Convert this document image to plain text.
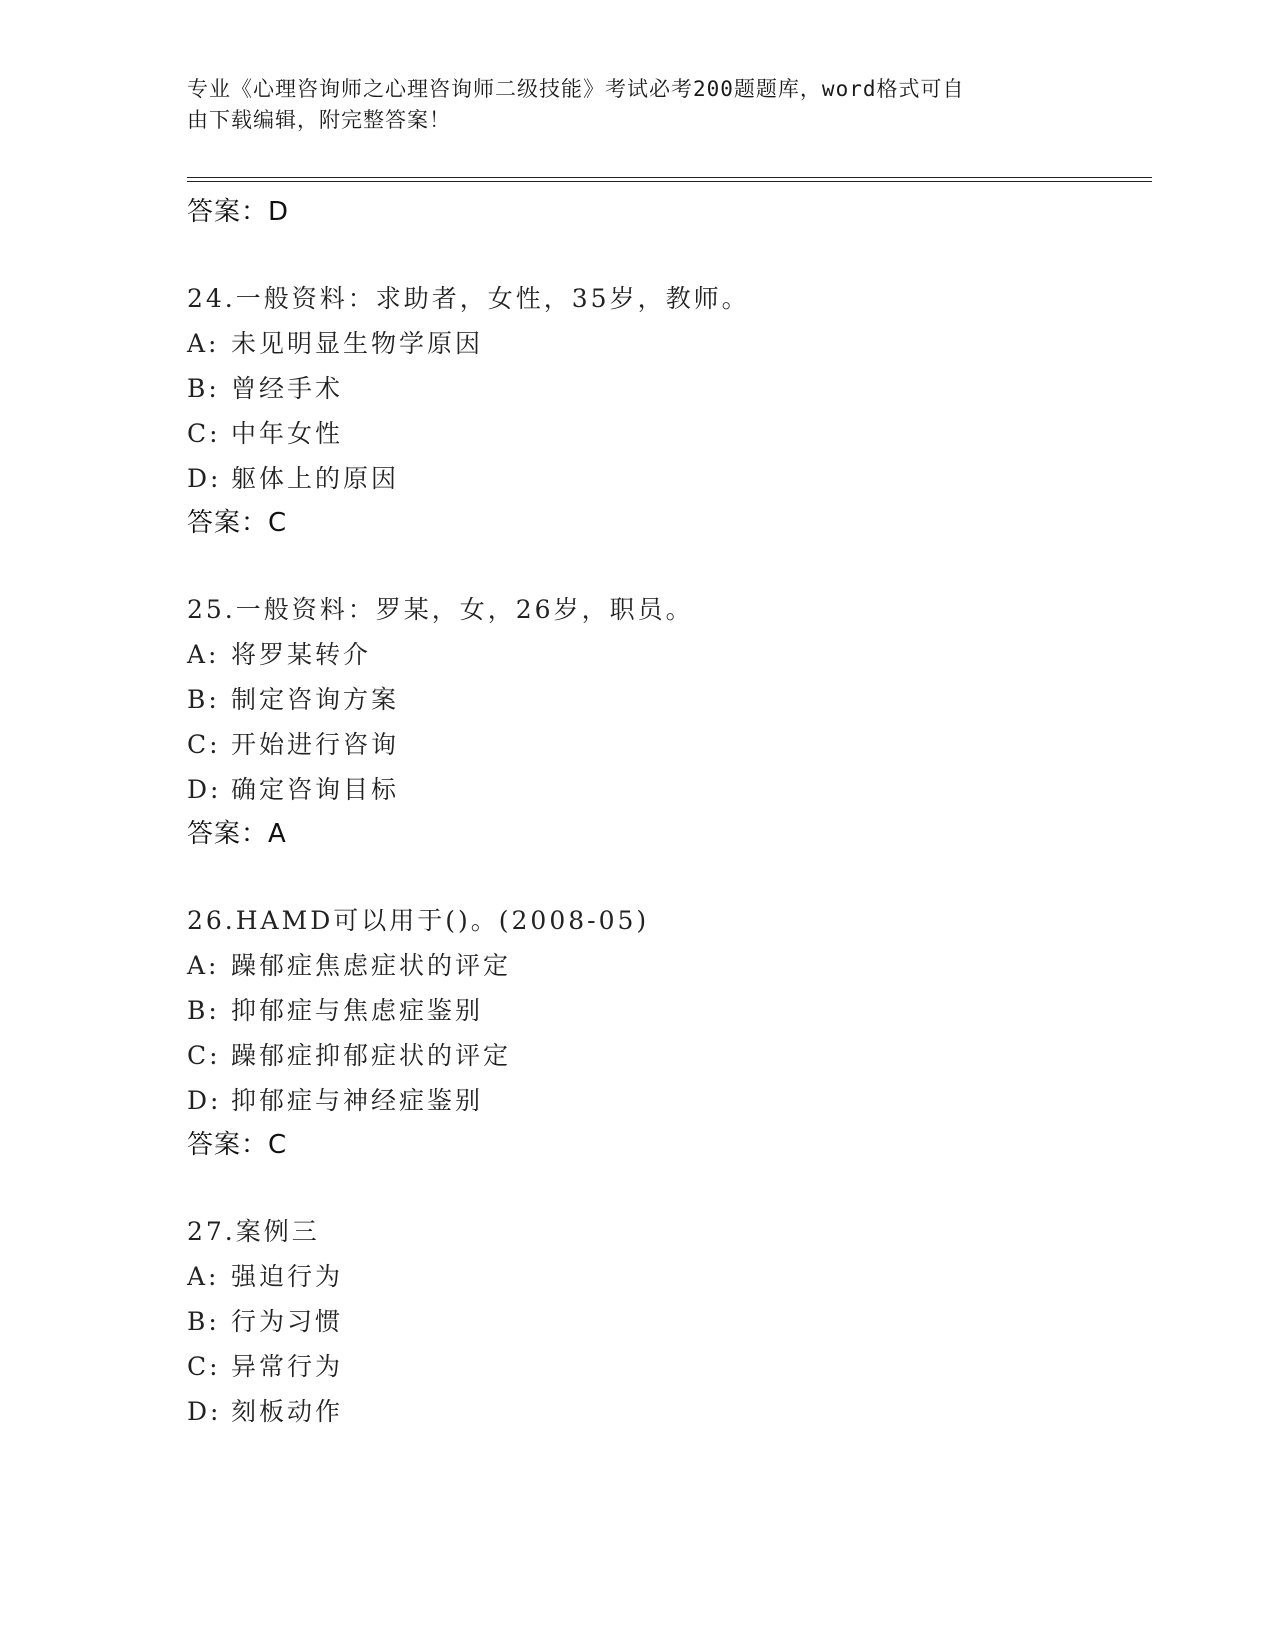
专业《心理咨询师之心理咨询师二级技能》考试必考200题题库，word格式可自
由下载编辑，附完整答案！
答案：D
24.一般资料：求助者，女性，35岁，教师。
A: 未见明显生物学原因
B: 曾经手术
C: 中年女性
D: 躯体上的原因
答案：C
25.一般资料：罗某，女，26岁，职员。
A: 将罗某转介
B: 制定咨询方案
C: 开始进行咨询
D: 确定咨询目标
答案：A
26.HAMD可以用于()。(2008-05)
A: 躁郁症焦虑症状的评定
B: 抑郁症与焦虑症鉴别
C: 躁郁症抑郁症状的评定
D: 抑郁症与神经症鉴别
答案：C
27.案例三
A: 强迫行为
B: 行为习惯
C: 异常行为
D: 刻板动作
